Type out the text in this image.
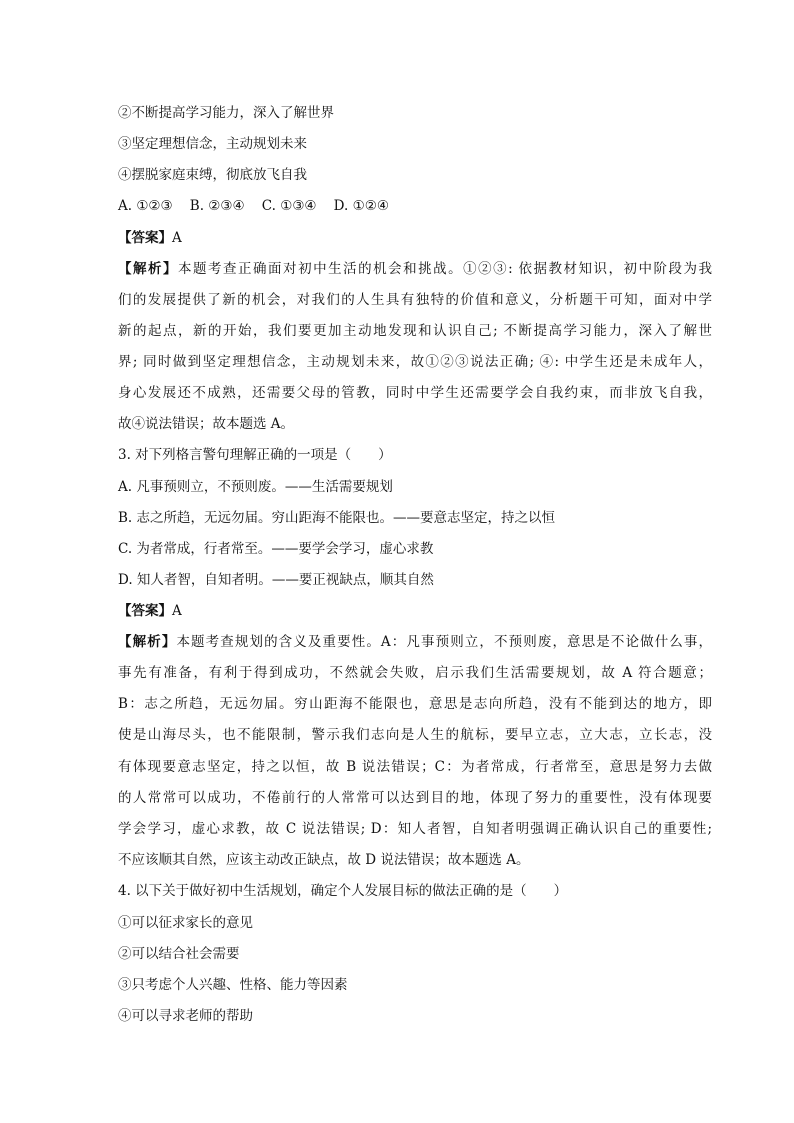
②不断提高学习能力，深入了解世界
③坚定理想信念，主动规划未来
④摆脱家庭束缚，彻底放飞自我
A. ①②③    B. ②③④    C. ①③④    D. ①②④
【答案】A
【解析】本题考查正确面对初中生活的机会和挑战。①②③: 依据教材知识，初中阶段为我
们的发展提供了新的机会，对我们的人生具有独特的价值和意义，分析题干可知，面对中学
新的起点，新的开始，我们要更加主动地发现和认识自己; 不断提高学习能力，深入了解世
界; 同时做到坚定理想信念，主动规划未来，故①②③说法正确; ④: 中学生还是未成年人，
身心发展还不成熟，还需要父母的管教，同时中学生还需要学会自我约束，而非放飞自我，
故④说法错误；故本题选 A。
3. 对下列格言警句理解正确的一项是（　　）
A. 凡事预则立，不预则废。——生活需要规划
B. 志之所趋，无远勿届。穷山距海不能限也。——要意志坚定，持之以恒
C. 为者常成，行者常至。——要学会学习，虚心求教
D. 知人者智，自知者明。——要正视缺点，顺其自然
【答案】A
【解析】本题考查规划的含义及重要性。A：凡事预则立，不预则废，意思是不论做什么事，
事先有准备，有利于得到成功，不然就会失败，启示我们生活需要规划，故 A 符合题意；
B：志之所趋，无远勿届。穷山距海不能限也，意思是志向所趋，没有不能到达的地方，即
使是山海尽头，也不能限制，警示我们志向是人生的航标，要早立志，立大志，立长志，没
有体现要意志坚定，持之以恒，故 B 说法错误；C：为者常成，行者常至，意思是努力去做
的人常常可以成功，不倦前行的人常常可以达到目的地，体现了努力的重要性，没有体现要
学会学习，虚心求教，故 C 说法错误; D：知人者智，自知者明强调正确认识自己的重要性;
不应该顺其自然，应该主动改正缺点，故 D 说法错误；故本题选 A。
4. 以下关于做好初中生活规划，确定个人发展目标的做法正确的是（　　）
①可以征求家长的意见
②可以结合社会需要
③只考虑个人兴趣、性格、能力等因素
④可以寻求老师的帮助
